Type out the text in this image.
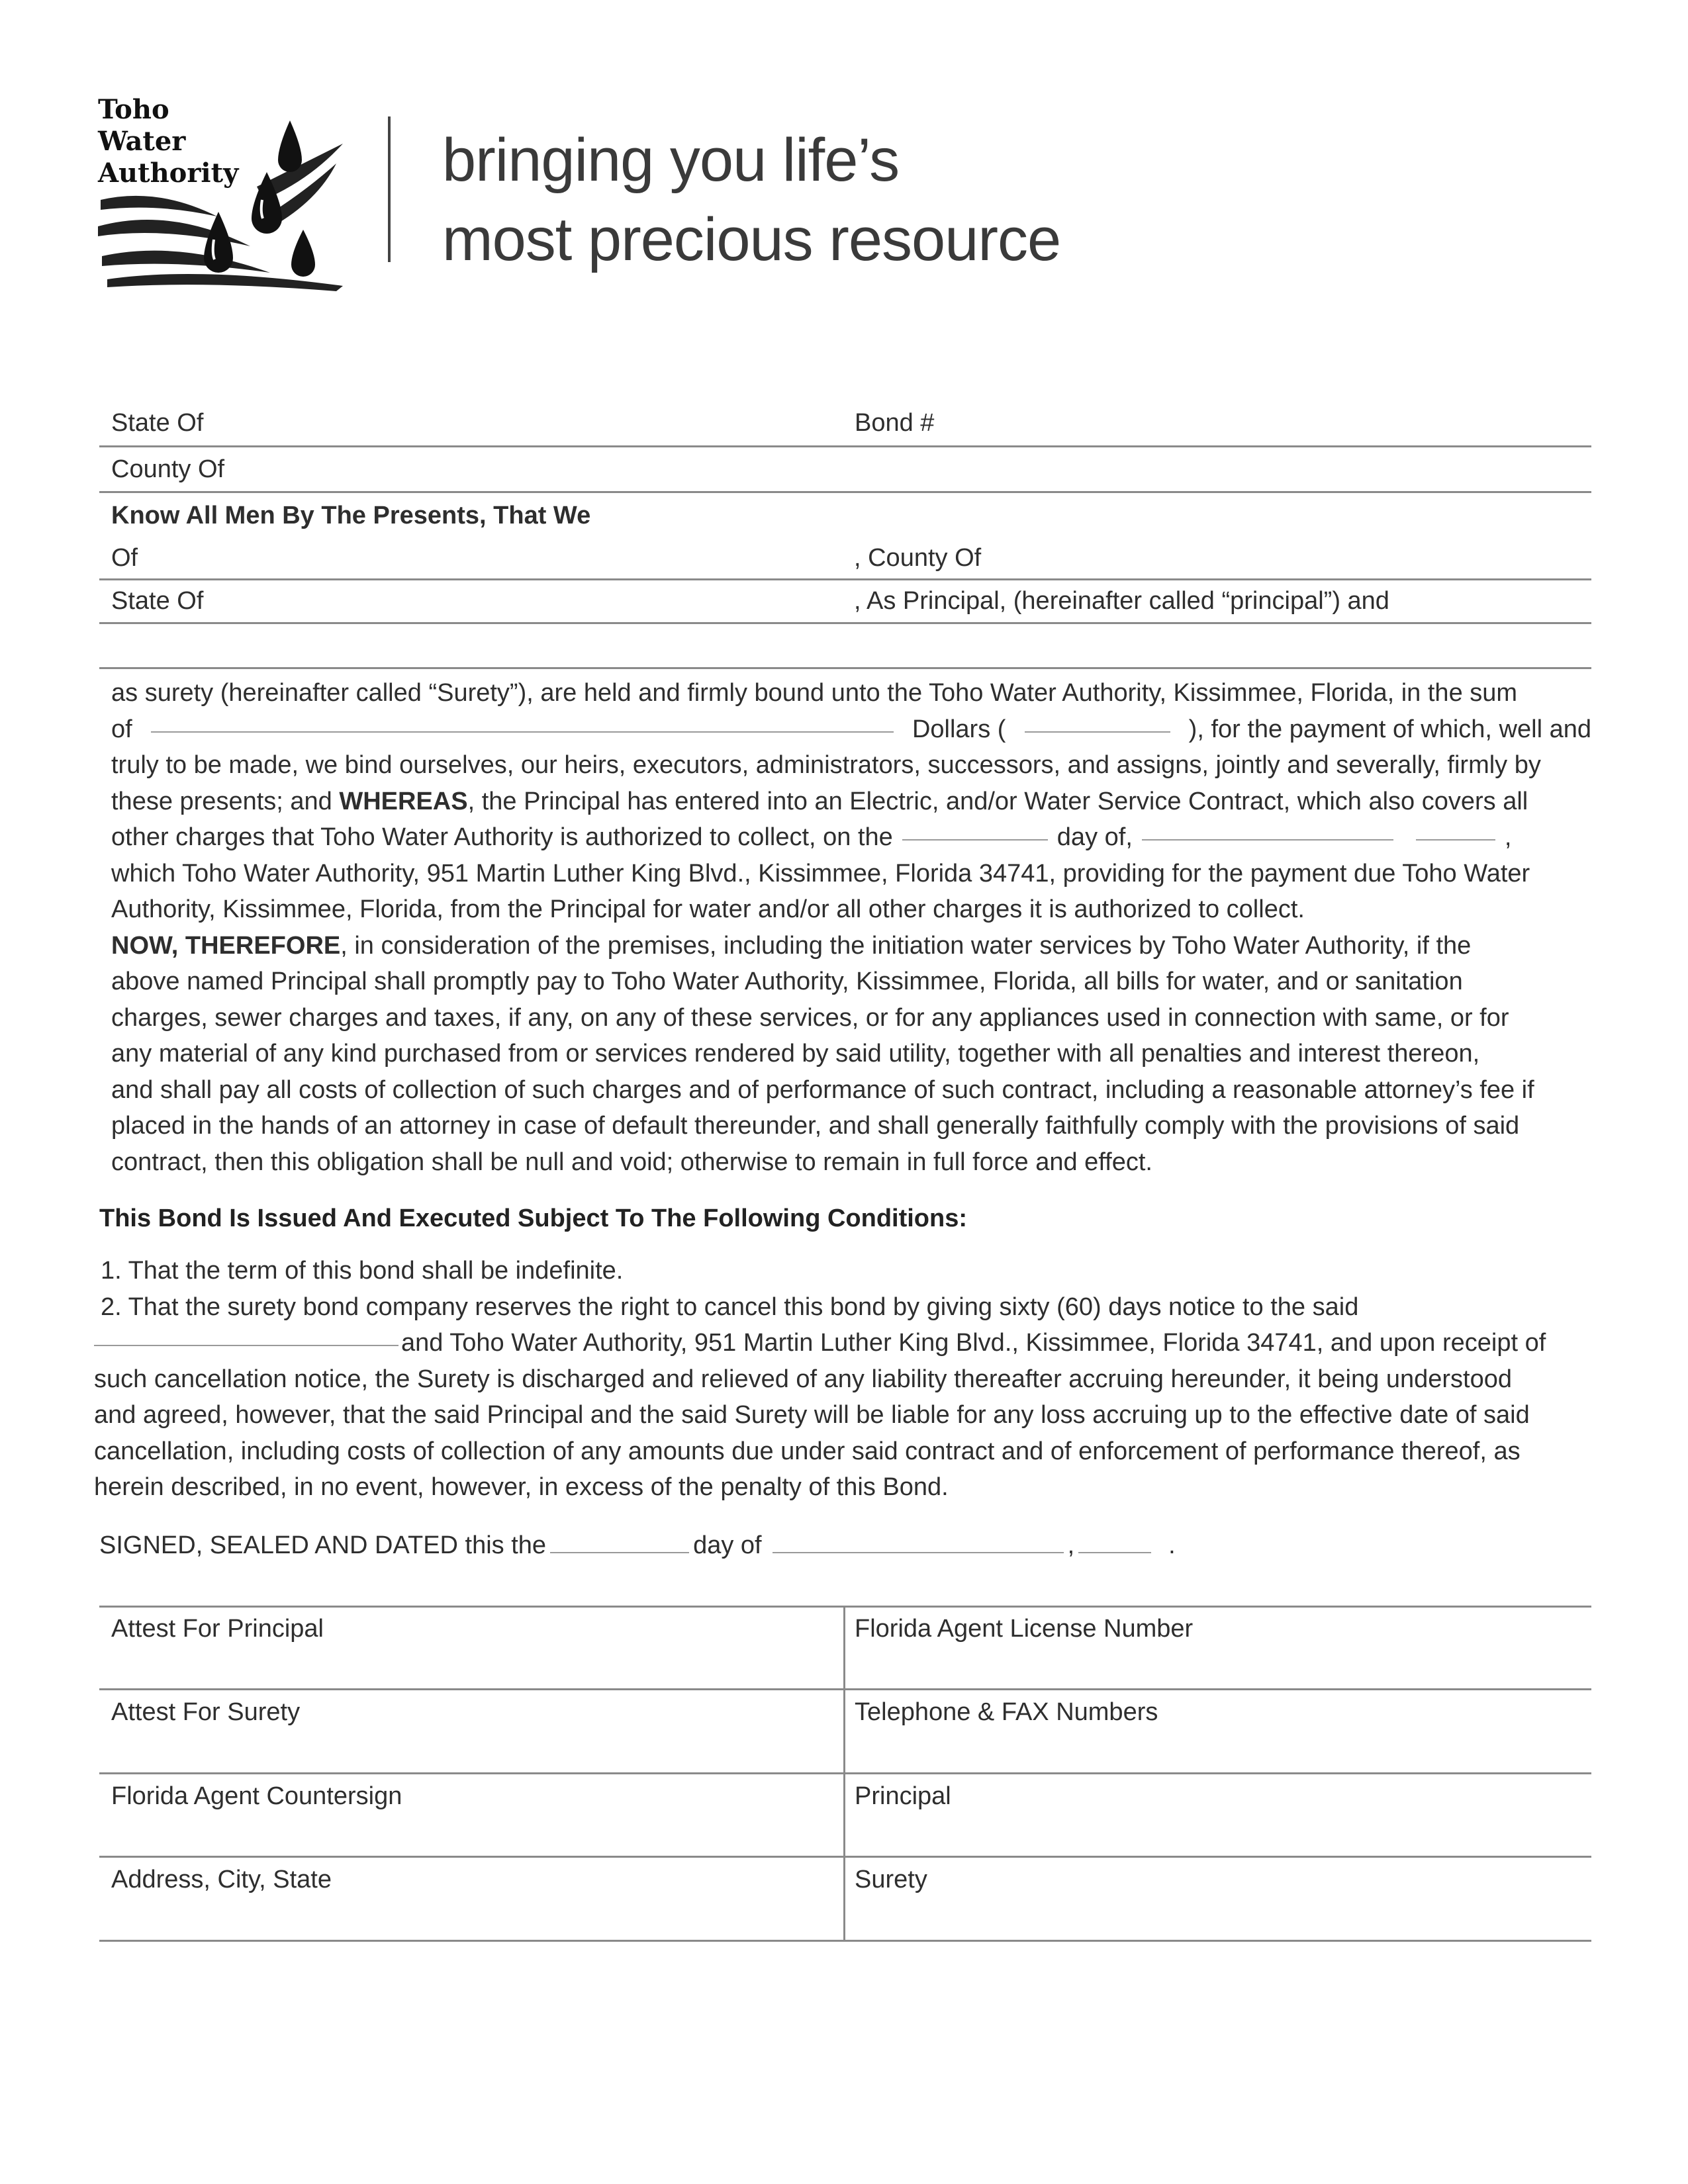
Toho
Water
Authority	bringing you life’s
most precious resource
State Of	Bond #
County Of
Know All Men By The Presents, That We
Of	, County Of
State Of	, As Principal, (hereinafter called “principal”) and
as surety (hereinafter called “Surety”), are held and firmly bound unto the Toho Water Authority, Kissimmee, Florida, in the sum
of	Dollars (	), for the payment of which, well and
truly to be made, we bind ourselves, our heirs, executors, administrators, successors, and assigns, jointly and severally, firmly by
these presents; and WHEREAS, the Principal has entered into an Electric, and/or Water Service Contract, which also covers all
other charges that Toho Water Authority is authorized to collect, on the	day of,	,
which Toho Water Authority, 951 Martin Luther King Blvd., Kissimmee, Florida 34741, providing for the payment due Toho Water
Authority, Kissimmee, Florida, from the Principal for water and/or all other charges it is authorized to collect.
NOW, THEREFORE, in consideration of the premises, including the initiation water services by Toho Water Authority, if the
above named Principal shall promptly pay to Toho Water Authority, Kissimmee, Florida, all bills for water, and or sanitation
charges, sewer charges and taxes, if any, on any of these services, or for any appliances used in connection with same, or for
any material of any kind purchased from or services rendered by said utility, together with all penalties and interest thereon,
and shall pay all costs of collection of such charges and of performance of such contract, including a reasonable attorney’s fee if
placed in the hands of an attorney in case of default thereunder, and shall generally faithfully comply with the provisions of said
contract, then this obligation shall be null and void; otherwise to remain in full force and effect.
This Bond Is Issued And Executed Subject To The Following Conditions:
1. That the term of this bond shall be indefinite.
2. That the surety bond company reserves the right to cancel this bond by giving sixty (60) days notice to the said
and Toho Water Authority, 951 Martin Luther King Blvd., Kissimmee, Florida 34741, and upon receipt of
such cancellation notice, the Surety is discharged and relieved of any liability thereafter accruing hereunder, it being understood
and agreed, however, that the said Principal and the said Surety will be liable for any loss accruing up to the effective date of said
cancellation, including costs of collection of any amounts due under said contract and of enforcement of performance thereof, as
herein described, in no event, however, in excess of the penalty of this Bond.
SIGNED, SEALED AND DATED this the	day of	,	.
Attest For Principal	Florida Agent License Number
Attest For Surety	Telephone & FAX Numbers
Florida Agent Countersign	Principal
Address, City, State	Surety
